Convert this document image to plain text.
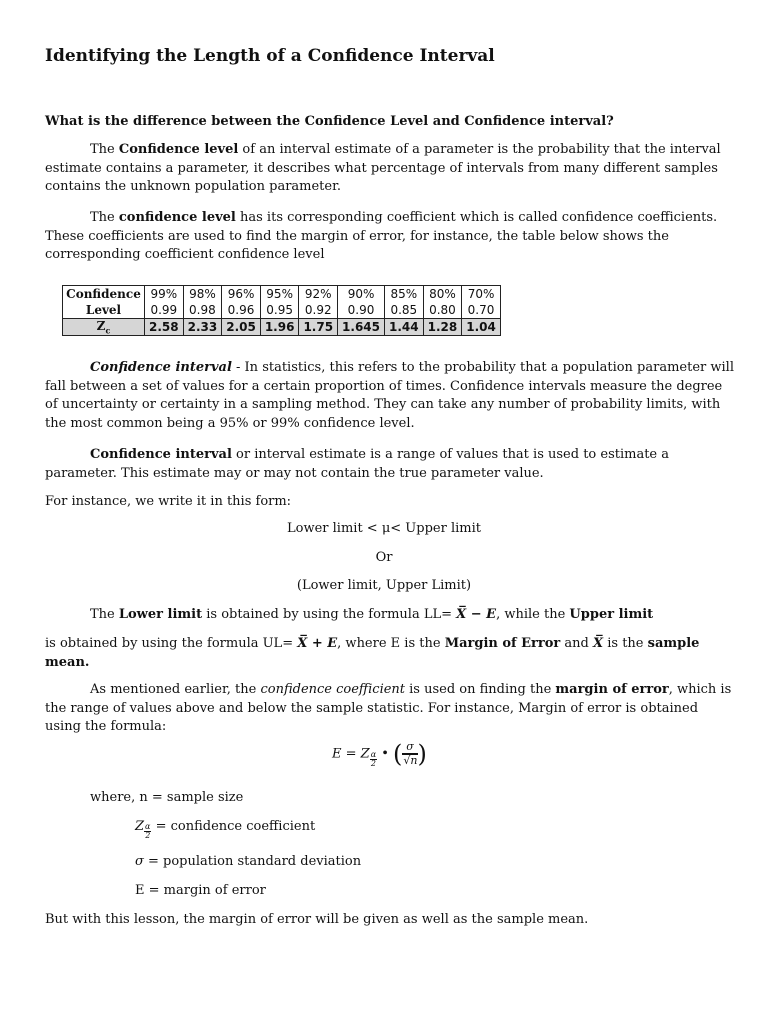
Identifying the Length of a Confidence Interval
What is the difference between the Confidence Level and Confidence interval?
The Confidence level of an interval estimate of a parameter is the probability that the interval estimate contains a parameter, it describes what percentage of intervals from many different samples contains the unknown population parameter.
The confidence level has its corresponding coefficient which is called confidence coefficients. These coefficients are used to find the margin of error, for instance, the table below shows the corresponding coefficient confidence level
Confidence	99%	98%	96%	95%	92%	90%	85%	80%	70%
Level	0.99	0.98	0.96	0.95	0.92	0.90	0.85	0.80	0.70
$Z_c$	2.58	2.33	2.05	1.96	1.75	1.645	1.44	1.28	1.04
Confidence interval - In statistics, this refers to the probability that a population parameter will fall between a set of values for a certain proportion of times. Confidence intervals measure the degree of uncertainty or certainty in a sampling method. They can take any number of probability limits, with the most common being a 95% or 99% confidence level.
Confidence interval or interval estimate is a range of values that is used to estimate a parameter. This estimate may or may not contain the true parameter value.
For instance, we write it in this form:
Lower limit < μ< Upper limit
Or
(Lower limit, Upper Limit)
The Lower limit is obtained by using the formula LL= X̅ − E, while the Upper limit
is obtained by using the formula UL= X̅ + E, where E is the Margin of Error and X̅ is the sample mean.
As mentioned earlier, the confidence coefficient is used on finding the margin of error, which is the range of values above and below the sample statistic. For instance, Margin of error is obtained using the formula:
E = Z $\frac{\alpha}{2}$ • ( $\frac{\sigma}{√n}$ )
where, n = sample size
Z $\frac{\alpha}{2}$ = confidence coefficient
σ = population standard deviation
E = margin of error
But with this lesson, the margin of error will be given as well as the sample mean.
